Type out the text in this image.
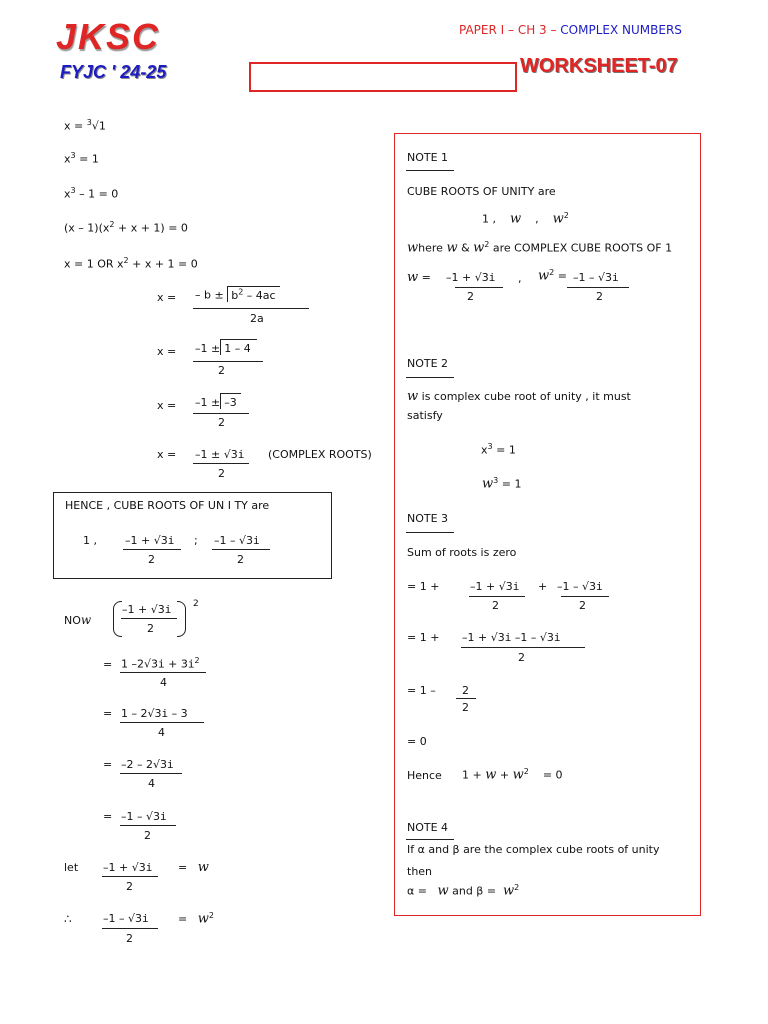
JKSC
FYJC ' 24-25
PAPER I – CH 3 – COMPLEX NUMBERS
WORKSHEET-07
x = $^3$√1
$x^3 = 1$
$x^3 - 1 = 0$
$(x - 1)(x^2 + x + 1) = 0$
x = 1 OR $x^2 + x + 1 = 0$
x = – $b \pm b^2 - 4ac$
2a
x = –1 ± 1 – 4
2
x = –1 ± –3
2
x = –1 ± √3i
2
(COMPLEX ROOTS)
HENCE , CUBE ROOTS OF UN I TY are
1 ,	–1 + √3i
2
; –1 – √3i
2
NOw
–1 + √3i
2
2
= 1 $-2√3i + 3i^2$
4
= 1 – 2√3i – 3
4
= –2 – 2√3i
4
= –1 – √3i
2
let –1 + √3i
2
= w
∴	–1 – √3i
2
= $w^2$
NOTE 1
CUBE ROOTS OF UNITY are
1 , w , $w^2$
where w & $w^2$ are COMPLEX CUBE ROOTS OF 1
w = –1 + √3i
2
, $w^2 = -1 - √3i$
2
NOTE 2
w is complex cube root of unity , it must
satisfy
$x^3 = 1$
$w^3 = 1$
NOTE 3
Sum of roots is zero
= 1 +	–1 + √3i
2
+ –1 – √3i
2
= 1 + –1 + √3i –1 – √3i
2
= 1 – 2
2
= 0
Hence $1 + w + w^2 = 0$
NOTE 4
If α and β are the complex cube roots of unity
then
α = w and $\beta = w^2$
